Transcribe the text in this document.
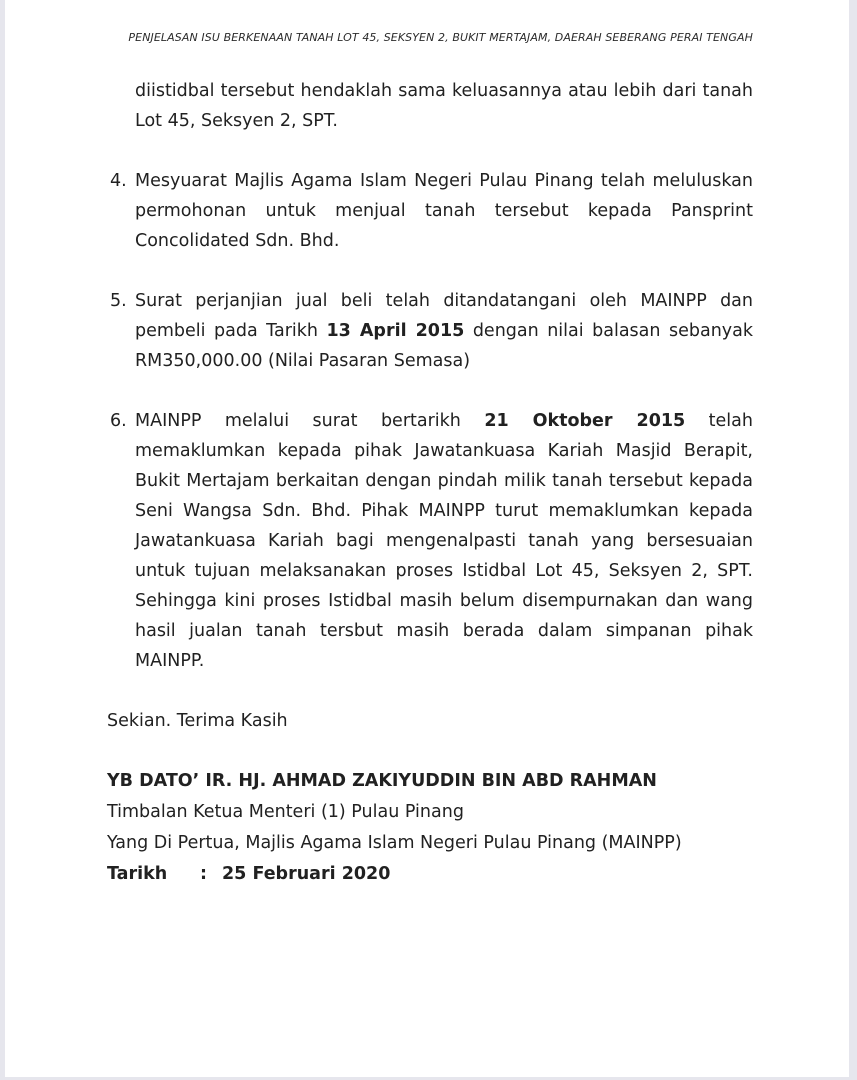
PENJELASAN ISU BERKENAAN TANAH LOT 45, SEKSYEN 2, BUKIT MERTAJAM, DAERAH SEBERANG PERAI TENGAH
diistidbal tersebut hendaklah sama keluasannya atau lebih dari tanah Lot 45, Seksyen 2, SPT.
4. Mesyuarat Majlis Agama Islam Negeri Pulau Pinang telah meluluskan permohonan untuk menjual tanah tersebut kepada Pansprint Concolidated Sdn. Bhd.
5. Surat perjanjian jual beli telah ditandatangani oleh MAINPP dan pembeli pada Tarikh 13 April 2015 dengan nilai balasan sebanyak RM350,000.00 (Nilai Pasaran Semasa)
6. MAINPP melalui surat bertarikh 21 Oktober 2015 telah memaklumkan kepada pihak Jawatankuasa Kariah Masjid Berapit, Bukit Mertajam berkaitan dengan pindah milik tanah tersebut kepada Seni Wangsa Sdn. Bhd. Pihak MAINPP turut memaklumkan kepada Jawatankuasa Kariah bagi mengenalpasti tanah yang bersesuaian untuk tujuan melaksanakan proses Istidbal Lot 45, Seksyen 2, SPT. Sehingga kini proses Istidbal masih belum disempurnakan dan wang hasil jualan tanah tersbut masih berada dalam simpanan pihak MAINPP.
Sekian. Terima Kasih
YB DATO’ IR. HJ. AHMAD ZAKIYUDDIN BIN ABD RAHMAN
Timbalan Ketua Menteri (1) Pulau Pinang
Yang Di Pertua, Majlis Agama Islam Negeri Pulau Pinang (MAINPP)
Tarikh : 25 Februari 2020
